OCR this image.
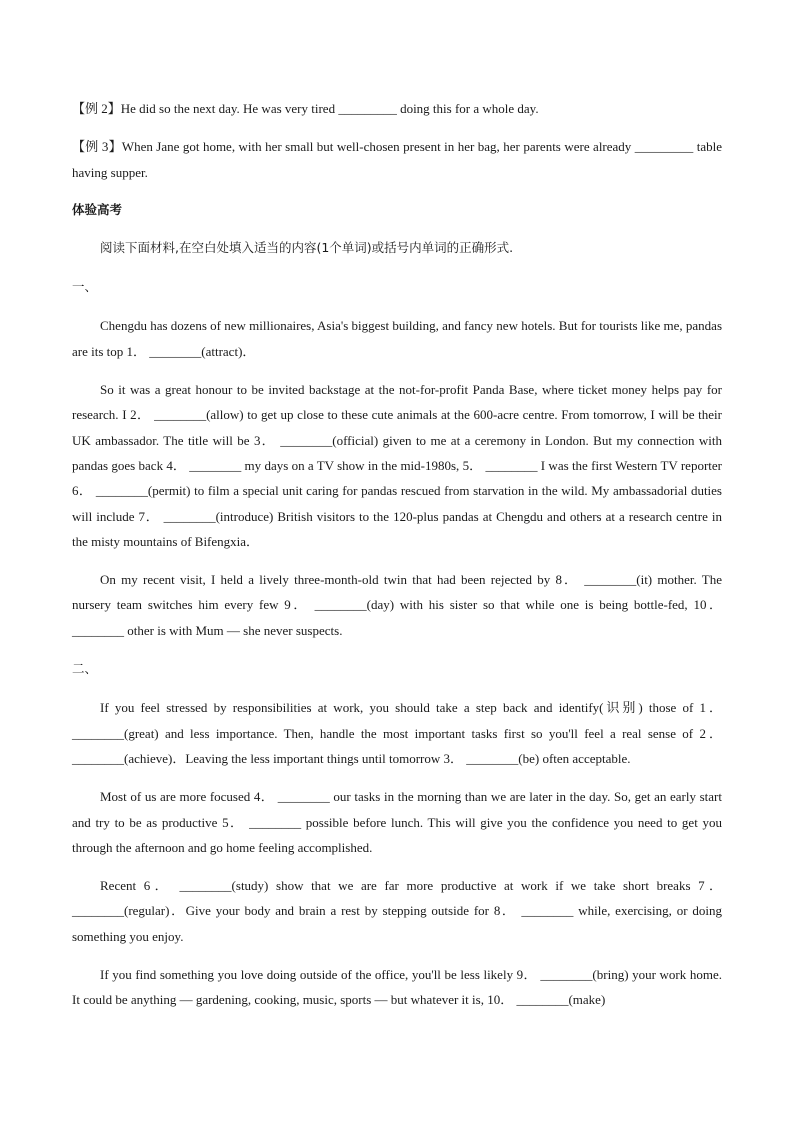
【例 2】He did so the next day. He was very tired _________ doing this for a whole day.

【例 3】When Jane got home, with her small but well-chosen present in her bag, her parents were already _________ table having supper.

体验高考

阅读下面材料,在空白处填入适当的内容(1个单词)或括号内单词的正确形式.

一、

Chengdu has dozens of new millionaires, Asia's biggest building, and fancy new hotels. But for tourists like me, pandas are its top 1． ________(attract)．

So it was a great honour to be invited backstage at the not-for-profit Panda Base, where ticket money helps pay for research. I 2． ________(allow) to get up close to these cute animals at the 600-acre centre. From tomorrow, I will be their UK ambassador. The title will be 3． ________(official) given to me at a ceremony in London. But my connection with pandas goes back 4． ________ my days on a TV show in the mid-1980s, 5． ________ I was the first Western TV reporter 6． ________(permit) to film a special unit caring for pandas rescued from starvation in the wild. My ambassadorial duties will include 7． ________(introduce) British visitors to the 120-plus pandas at Chengdu and others at a research centre in the misty mountains of Bifengxia．

On my recent visit, I held a lively three-month-old twin that had been rejected by 8． ________(it) mother. The nursery team switches him every few 9． ________(day) with his sister so that while one is being bottle-fed, 10． ________ other is with Mum — she never suspects.

二、

If you feel stressed by responsibilities at work, you should take a step back and identify(识别) those of 1． ________(great) and less importance. Then, handle the most important tasks first so you'll feel a real sense of 2． ________(achieve)．Leaving the less important things until tomorrow 3． ________(be) often acceptable.

Most of us are more focused 4． ________ our tasks in the morning than we are later in the day. So, get an early start and try to be as productive 5． ________ possible before lunch. This will give you the confidence you need to get you through the afternoon and go home feeling accomplished.

Recent 6． ________(study) show that we are far more productive at work if we take short breaks 7． ________(regular)．Give your body and brain a rest by stepping outside for 8． ________ while, exercising, or doing something you enjoy.

If you find something you love doing outside of the office, you'll be less likely 9． ________(bring) your work home. It could be anything — gardening, cooking, music, sports — but whatever it is, 10． ________(make)
